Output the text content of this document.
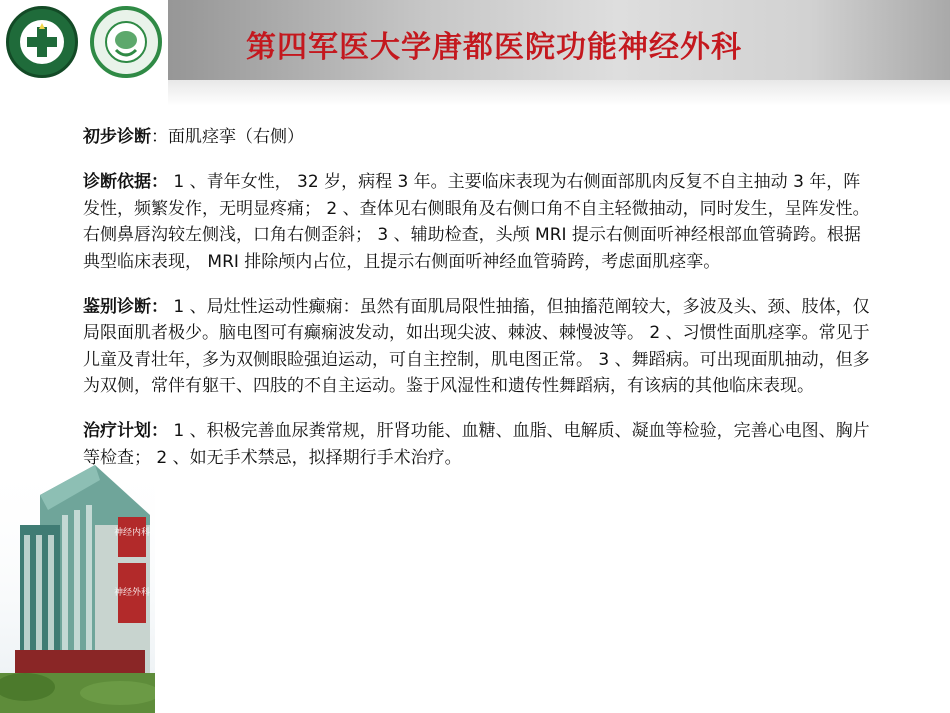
第四军医大学唐都医院功能神经外科
神经内科
神经外科
初步诊断：面肌痉挛（右侧）
诊断依据： 1 、青年女性， 32 岁，病程 3 年。主要临床表现为右侧面部肌肉反复不自主抽动 3 年，阵发性，频繁发作，无明显疼痛； 2 、查体见右侧眼角及右侧口角不自主轻微抽动，同时发生，呈阵发性。右侧鼻唇沟较左侧浅，口角右侧歪斜； 3 、辅助检查，头颅 MRI 提示右侧面听神经根部血管骑跨。根据典型临床表现， MRI 排除颅内占位，且提示右侧面听神经血管骑跨，考虑面肌痉挛。
鉴别诊断： 1 、局灶性运动性癫痫：虽然有面肌局限性抽搐，但抽搐范阐较大，多波及头、颈、肢体，仅局限面肌者极少。脑电图可有癫痫波发动，如出现尖波、棘波、棘慢波等。 2 、习惯性面肌痉挛。常见于儿童及青壮年，多为双侧眼睑强迫运动，可自主控制，肌电图正常。 3 、舞蹈病。可出现面肌抽动，但多为双侧，常伴有躯干、四肢的不自主运动。鉴于风湿性和遗传性舞蹈病，有该病的其他临床表现。
治疗计划： 1 、积极完善血尿粪常规，肝肾功能、血糖、血脂、电解质、凝血等检验，完善心电图、胸片等检查； 2 、如无手术禁忌，拟择期行手术治疗。
